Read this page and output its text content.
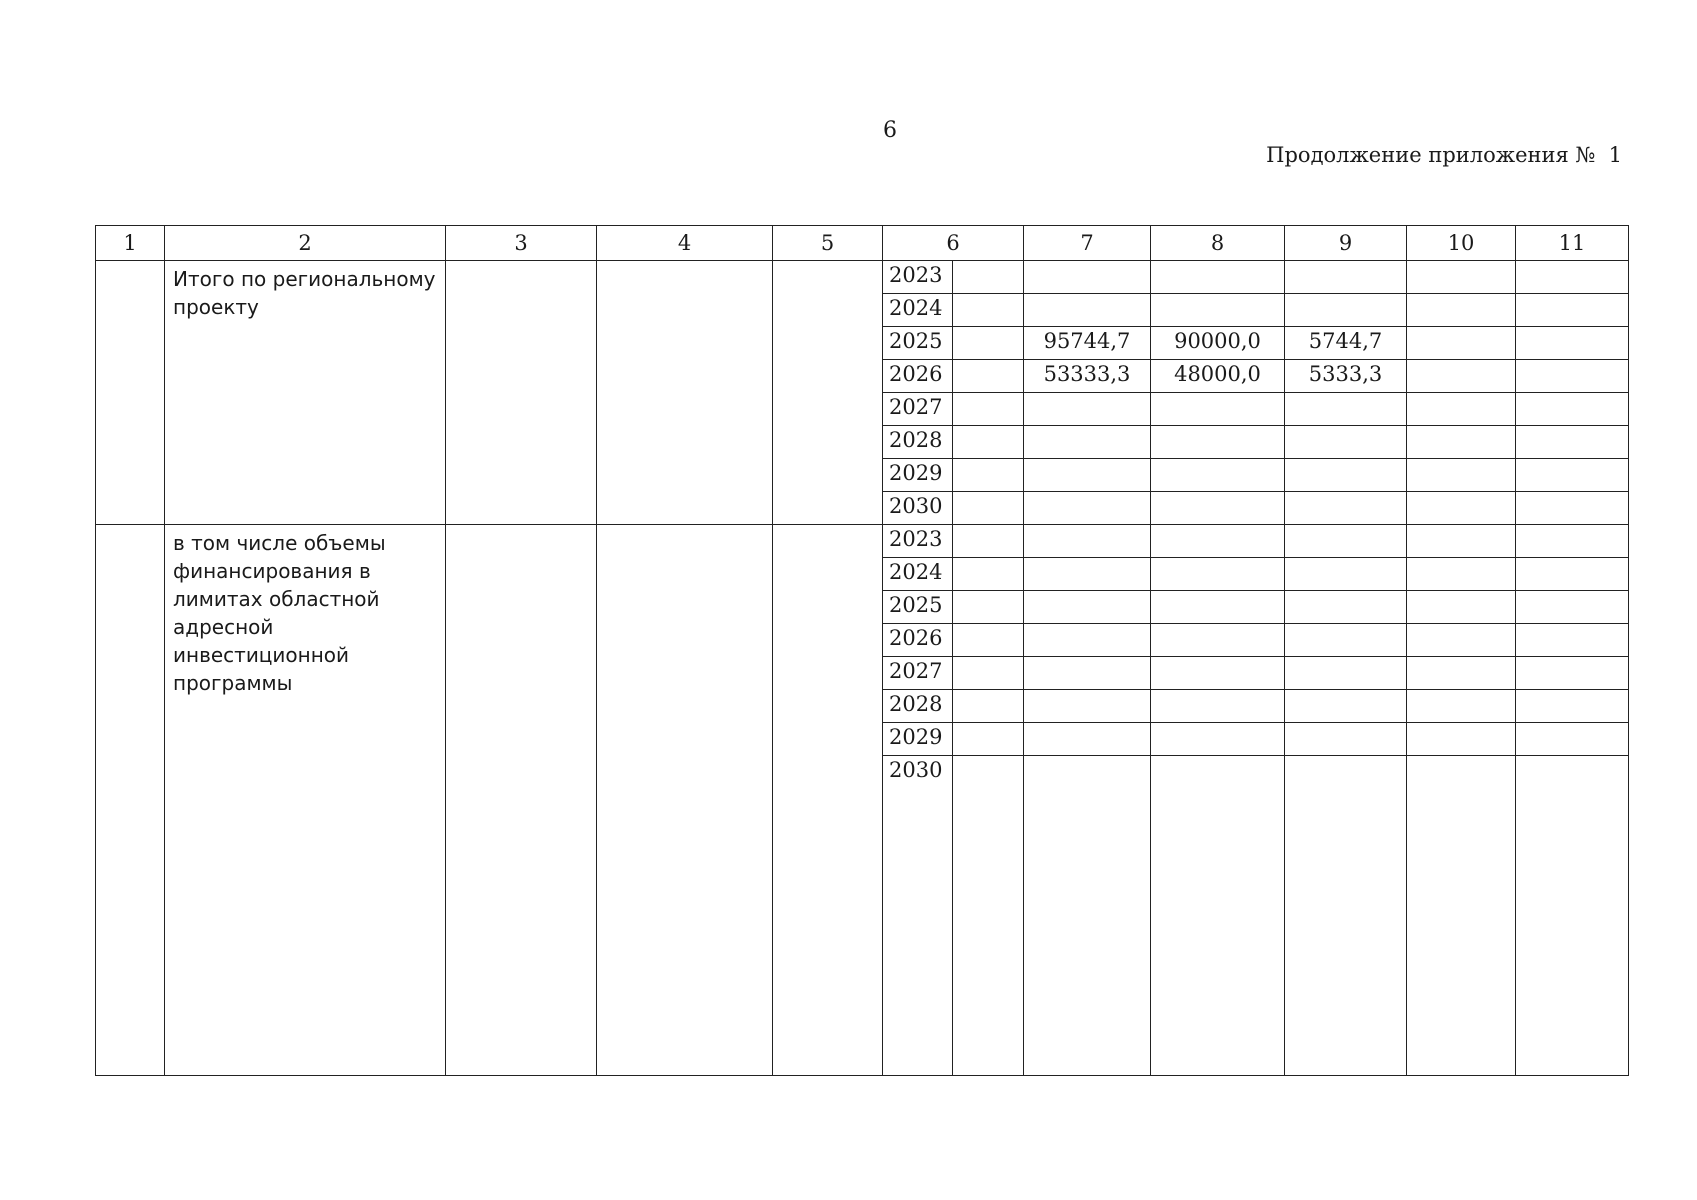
6
Продолжение приложения №  1
1	2	3	4	5	6		7	8	9	10	11
	Итого по региональному проекту				2023						
					2024						
					2025		95744,7	90000,0	5744,7		
					2026		53333,3	48000,0	5333,3		
					2027						
					2028						
					2029						
					2030						
	в том числе объемы финансирования в лимитах областной адресной инвестиционной программы				2023						
					2024						
					2025						
					2026						
					2027						
					2028						
					2029						
					2030						
